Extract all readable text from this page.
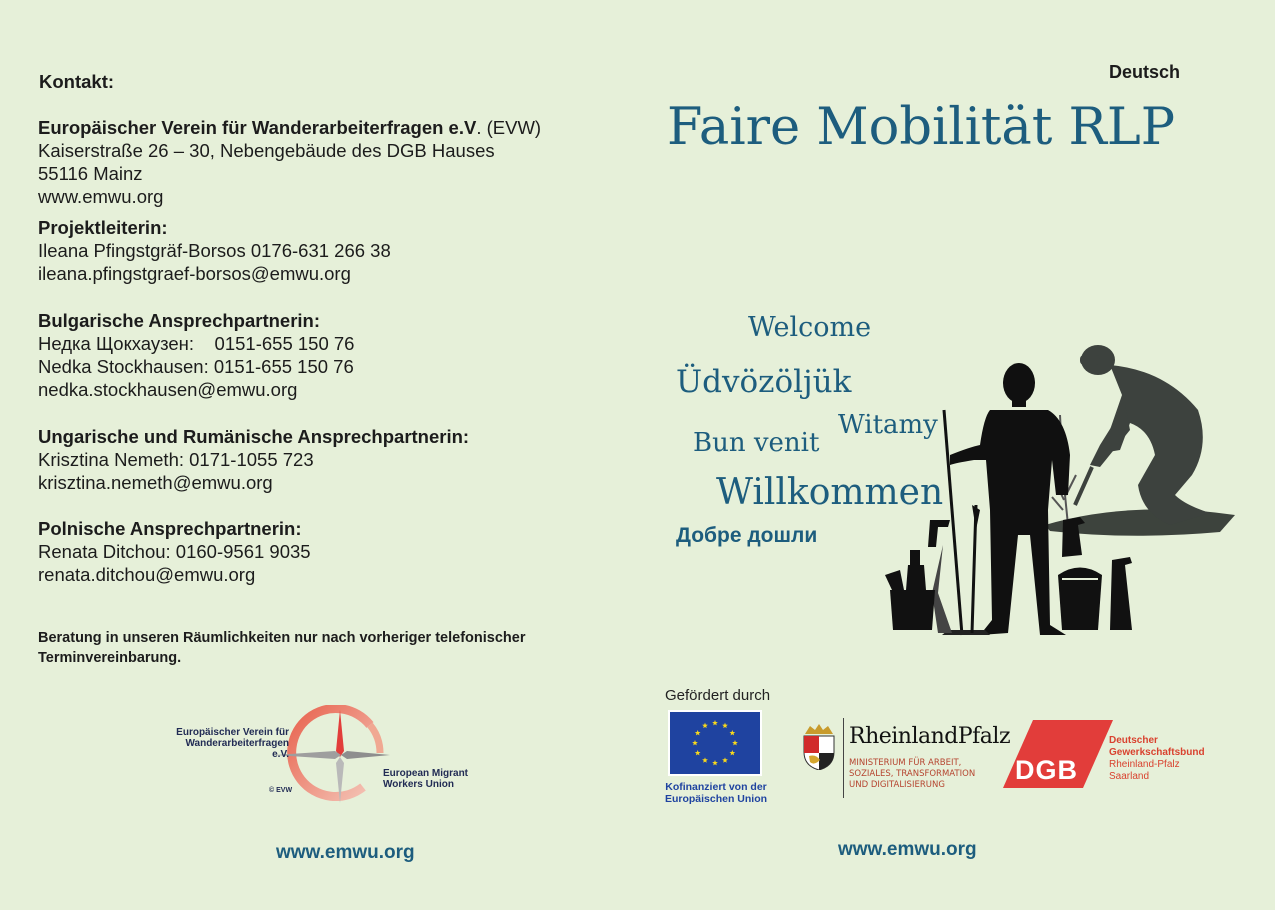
Kontakt:
Europäischer Verein für Wanderarbeiterfragen e.V. (EVW)
Kaiserstraße 26 – 30, Nebengebäude des DGB Hauses
55116 Mainz
www.emwu.org
Projektleiterin:
Ileana Pfingstgräf-Borsos 0176-631 266 38
ileana.pfingstgraef-borsos@emwu.org
Bulgarische Ansprechpartnerin:
Недка Щокхаузен:    0151-655 150 76
Nedka Stockhausen: 0151-655 150 76
nedka.stockhausen@emwu.org
Ungarische und Rumänische Ansprechpartnerin:
Krisztina Nemeth: 0171-1055 723
krisztina.nemeth@emwu.org
Polnische Ansprechpartnerin:
Renata Ditchou: 0160-9561 9035
renata.ditchou@emwu.org
Beratung in unseren Räumlichkeiten nur nach vorheriger telefonischer
Terminvereinbarung.
Europäischer Verein für
Wanderarbeiterfragen
e.V.
© EVW
European Migrant
Workers Union
www.emwu.org
Deutsch
Faire Mobilität RLP
Welcome
Üdvözöljük
Witamy
Bun venit
Willkommen
Добре дошли
Gefördert durch
Kofinanziert von der
Europäischen Union
RheinlandPfalz
MINISTERIUM FÜR ARBEIT,
SOZIALES, TRANSFORMATION
UND DIGITALISIERUNG	DGB
Deutscher
Gewerkschaftsbund
Rheinland-Pfalz
Saarland
www.emwu.org
